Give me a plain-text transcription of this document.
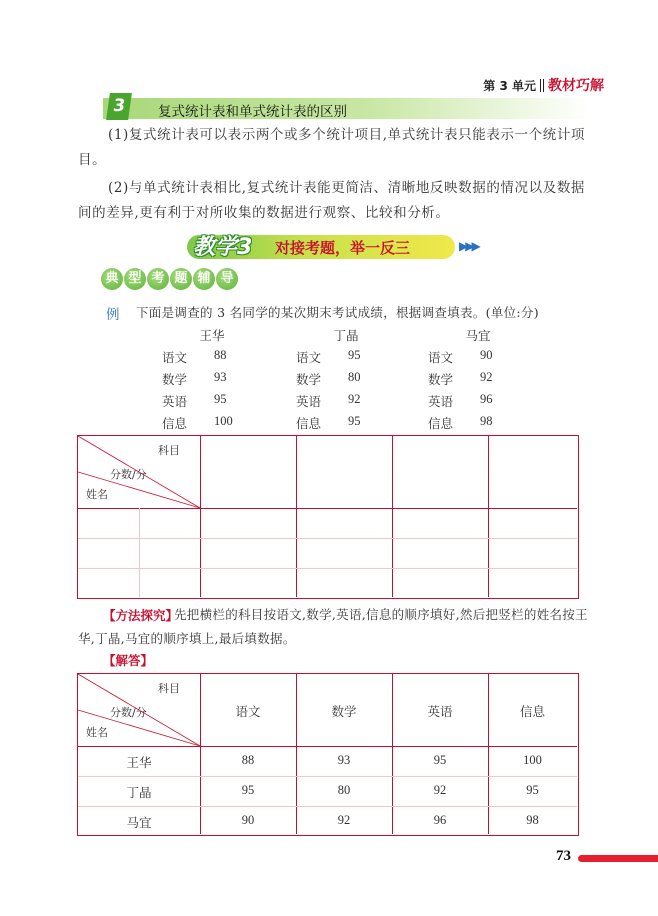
第 3 单元 教材巧解
3	复式统计表和单式统计表的区别
(1)复式统计表可以表示两个或多个统计项目,单式统计表只能表示一个统计项目。
(2)与单式统计表相比,复式统计表能更简洁、清晰地反映数据的情况以及数据间的差异,更有利于对所收集的数据进行观察、比较和分析。
教学3 对接考题，举一反三	▶▶▶
典 型 考 题 辅 导
例 下面是调查的 3 名同学的某次期末考试成绩，根据调查填表。(单位:分)
王华
语文 88
数学 93
英语 95
信息 100
丁晶
语文 95
数学 80
英语 92
信息 95
马宜
语文 90
数学 92
英语 96
信息 98
科目
分数/分
姓名
先把横栏的科目按语文,数学,英语,信息的顺序填好,然后把竖栏的姓名按王华,丁晶,马宜的顺序填上,最后填数据。
【方法探究】
【解答】
科目
分数/分
姓名
语文	数学	英语	信息
王华	88	93	95	100
丁晶	95	80	92	95
马宜	90	92	96	98
73
